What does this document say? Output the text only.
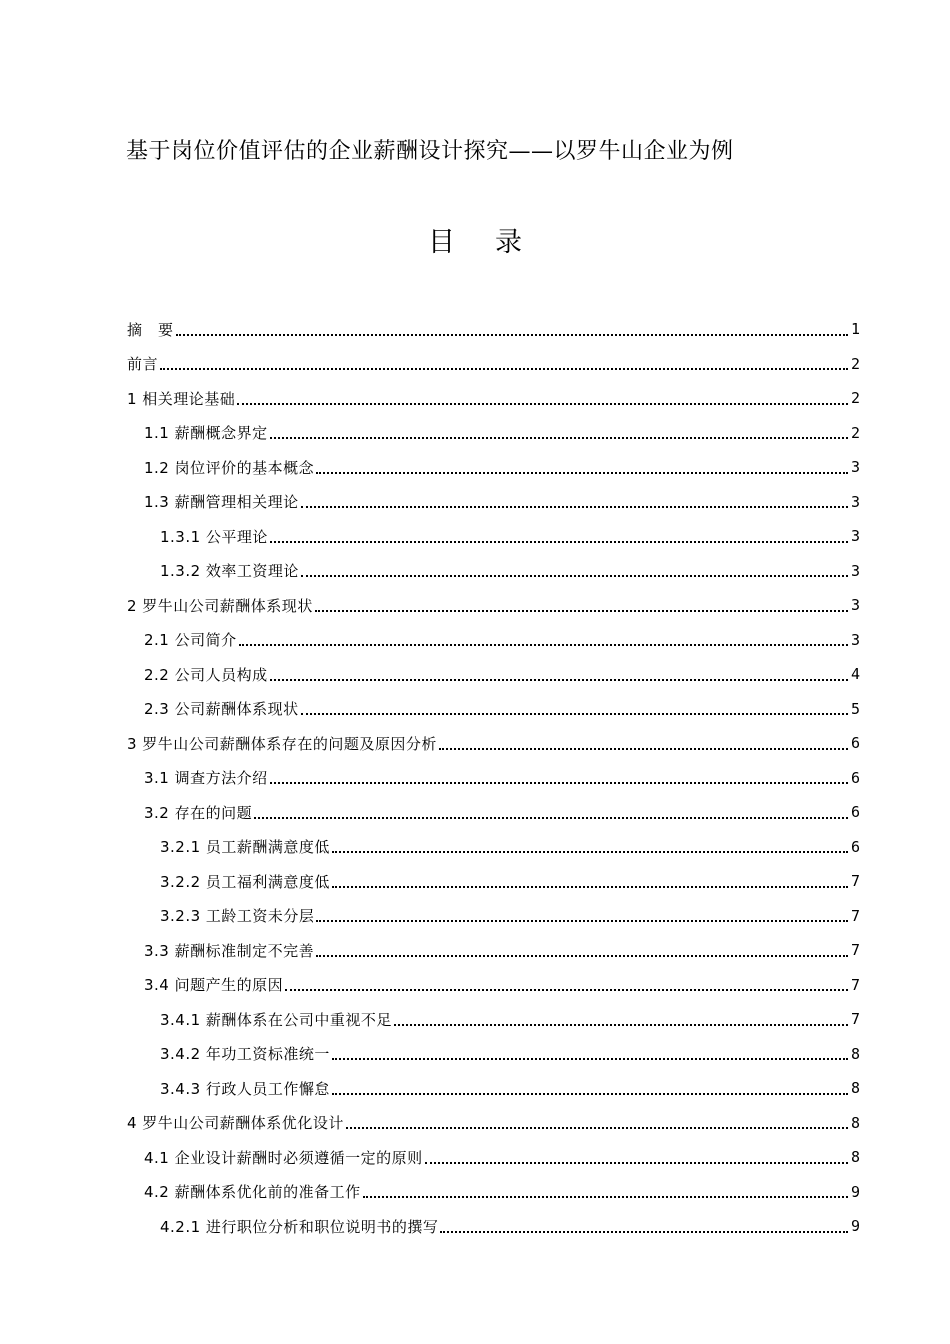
基于岗位价值评估的企业薪酬设计探究——以罗牛山企业为例
目录
摘　要	1
前言	2
1 相关理论基础	2
1.1 薪酬概念界定	2
1.2 岗位评价的基本概念	3
1.3 薪酬管理相关理论	3
1.3.1 公平理论	3
1.3.2 效率工资理论	3
2 罗牛山公司薪酬体系现状	3
2.1 公司简介	3
2.2 公司人员构成	4
2.3 公司薪酬体系现状	5
3 罗牛山公司薪酬体系存在的问题及原因分析	6
3.1 调查方法介绍	6
3.2 存在的问题	6
3.2.1 员工薪酬满意度低	6
3.2.2 员工福利满意度低	7
3.2.3 工龄工资未分层	7
3.3 薪酬标准制定不完善	7
3.4 问题产生的原因	7
3.4.1 薪酬体系在公司中重视不足	7
3.4.2 年功工资标准统一	8
3.4.3 行政人员工作懈怠	8
4 罗牛山公司薪酬体系优化设计	8
4.1 企业设计薪酬时必须遵循一定的原则	8
4.2 薪酬体系优化前的准备工作	9
4.2.1 进行职位分析和职位说明书的撰写	9
